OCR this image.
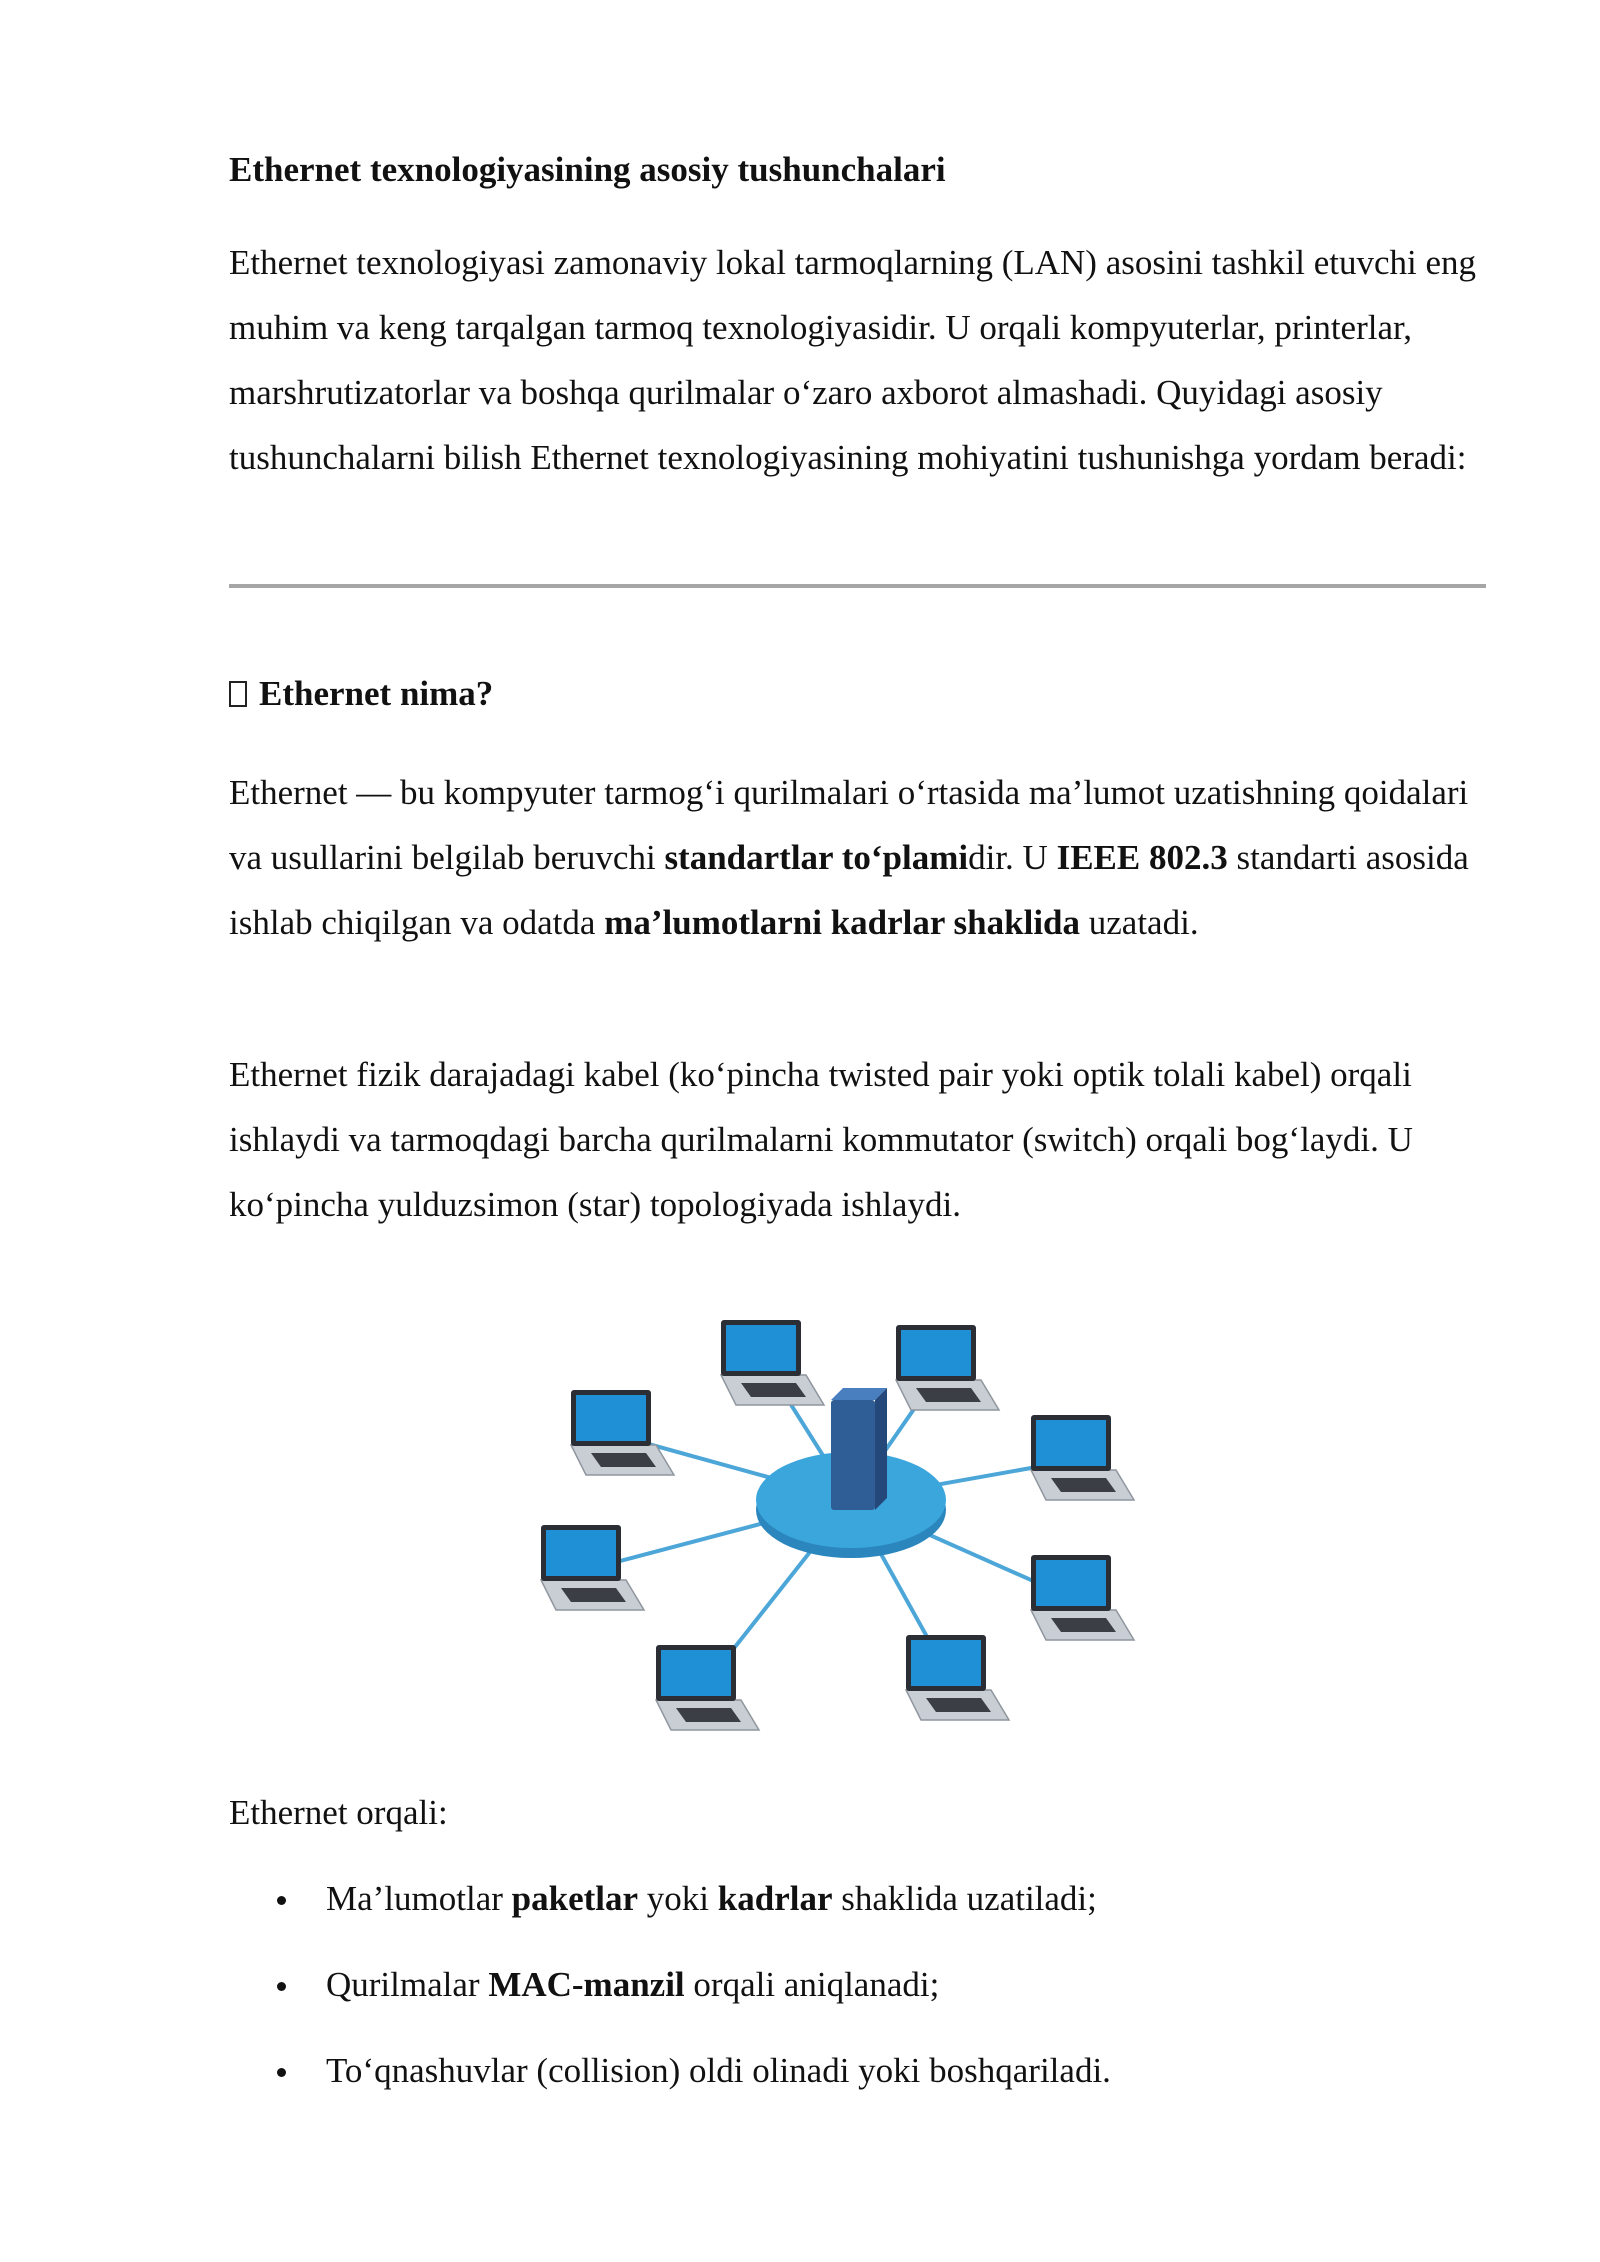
Ethernet texnologiyasining asosiy tushunchalari

Ethernet texnologiyasi zamonaviy lokal tarmoqlarning (LAN) asosini tashkil etuvchi eng muhim va keng tarqalgan tarmoq texnologiyasidir. U orqali kompyuterlar, printerlar, marshrutizatorlar va boshqa qurilmalar o‘zaro axborot almashadi. Quyidagi asosiy tushunchalarni bilish Ethernet texnologiyasining mohiyatini tushunishga yordam beradi:

Ethernet nima?

Ethernet — bu kompyuter tarmog‘i qurilmalari o‘rtasida ma’lumot uzatishning qoidalari va usullarini belgilab beruvchi standartlar to‘plamidir. U IEEE 802.3 standarti asosida ishlab chiqilgan va odatda ma’lumotlarni kadrlar shaklida uzatadi.

Ethernet fizik darajadagi kabel (ko‘pincha twisted pair yoki optik tolali kabel) orqali ishlaydi va tarmoqdagi barcha qurilmalarni kommutator (switch) orqali bog‘laydi. U ko‘pincha yulduzsimon (star) topologiyada ishlaydi.

Ethernet orqali:

Ma’lumotlar paketlar yoki kadrlar shaklida uzatiladi;
Qurilmalar MAC-manzil orqali aniqlanadi;
To‘qnashuvlar (collision) oldi olinadi yoki boshqariladi.
